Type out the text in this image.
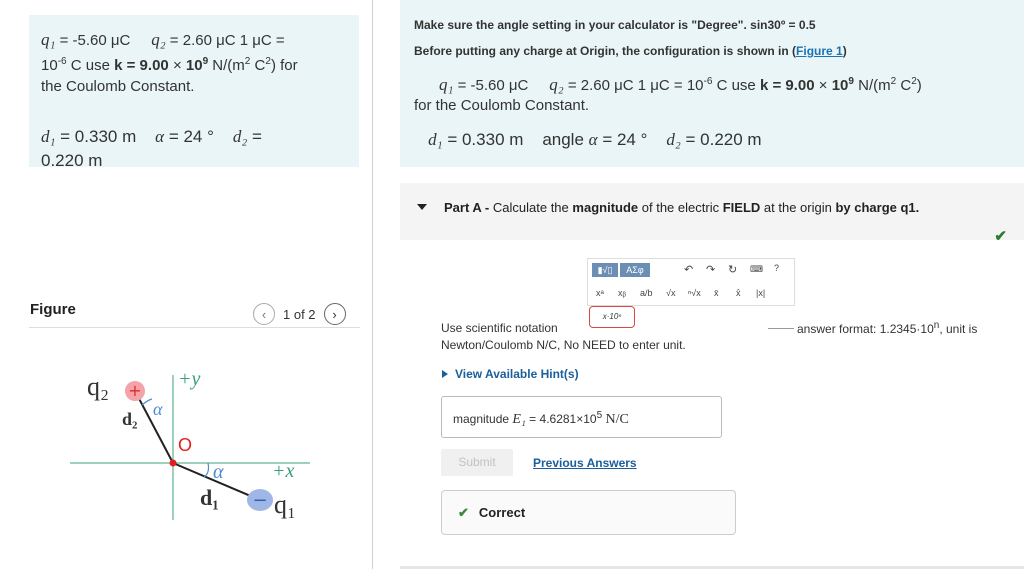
q₁ = -5.60 μC q₂ = 2.60 μC 1 μC =
$10^{-6}$ C use $k = 9.00 \times 10^9$ $N/(m^2$ $C^2$) for
the Coulomb Constant.
d₁ = 0.330 m α = 24 ° d₂ =
0.220 m
Figure	‹	1 of 2	›
+
−
q₂
d₂ α
O
α
+y
+x
d₁ q₁
Make sure the angle setting in your calculator is "Degree". sin30º = 0.5
Before putting any charge at Origin, the configuration is shown in (Figure 1)
q₁ = -5.60 μC q₂ = 2.60 μC 1 $\mu C = 10^{-6}$ C use $k = 9.00 \times 10^9$ $N/(m^2$ $C^2$)
for the Coulomb Constant.
d₁ = 0.330 m angle α = 24 ° d₂ = 0.220 m
Part A - Calculate the magnitude of the electric FIELD at the origin by charge q1.
✔
▮√▯	ΑΣφ	↶ ↷ ↻ ⌨ ?
xᵃ xᵦ a/b √x ⁿ√x x̄ x̂ |x|
x·10ⁿ
Use scientific notation
Newton/Coulomb N/C, No NEED to enter unit.
answer format: $1.2345\cdot 10^n$, unit is
View Available Hint(s)
magnitude $E_1 = 4.6281\times 10^5$ N/C
Submit	Previous Answers
✔ Correct
